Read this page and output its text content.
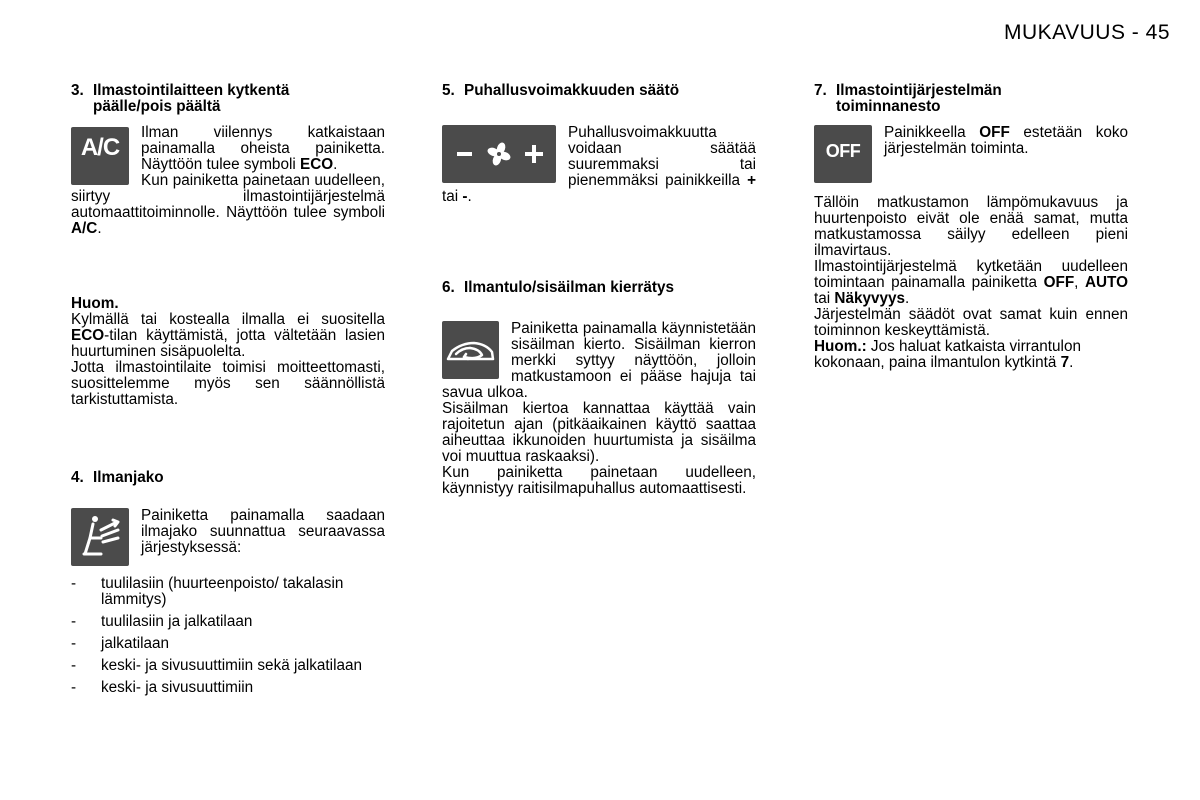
MUKAVUUS - 45
3. Ilmastointilaitteen kytkentä
päälle/pois päältä
A/C

Ilman viilennys katkaistaan painamalla oheista painiketta. Näyttöön tulee symboli ECO.

Kun painiketta painetaan uudelleen, siirtyy ilmastointijärjestelmä automaattitoiminnolle. Näyttöön tulee symboli A/C.

Huom.

Kylmällä tai kostealla ilmalla ei suositella ECO-tilan käyttämistä, jotta vältetään lasien huurtuminen sisäpuolelta.

Jotta ilmastointilaite toimisi moitteettomasti, suosittelemme myös sen säännöllistä tarkistuttamista.

4. Ilmanjako

Painiketta painamalla saadaan ilmajako suunnattua seuraavassa järjestyksessä:

- tuulilasiin (huurteenpoisto/ takalasin lämmitys)
- tuulilasiin ja jalkatilaan
- jalkatilaan
- keski- ja sivusuuttimiin sekä jalkatilaan
- keski- ja sivusuuttimiin
5. Puhallusvoimakkuuden säätö

Puhallusvoimakkuutta voidaan säätää suuremmaksi tai pienemmäksi painikkeilla + tai -.

6. Ilmantulo/sisäilman kierrätys

Painiketta painamalla käynnistetään sisäilman kierto. Sisäilman kierron merkki syttyy näyttöön, jolloin matkustamoon ei pääse hajuja tai savua ulkoa.

Sisäilman kiertoa kannattaa käyttää vain rajoitetun ajan (pitkäaikainen käyttö saattaa aiheuttaa ikkunoiden huurtumista ja sisäilma voi muuttua raskaaksi).

Kun painiketta painetaan uudelleen, käynnistyy raitisilmapuhallus automaattisesti.

7. Ilmastointijärjestelmän
toiminnanesto
OFF

Painikkeella OFF estetään koko järjestelmän toiminta.

Tällöin matkustamon lämpömukavuus ja huurtenpoisto eivät ole enää samat, mutta matkustamossa säilyy edelleen pieni ilmavirtaus.

Ilmastointijärjestelmä kytketään uudelleen toimintaan painamalla painiketta OFF, AUTO tai Näkyvyys.

Järjestelmän säädöt ovat samat kuin ennen toiminnon keskeyttämistä.

Huom.: Jos haluat katkaista virrantulon kokonaan, paina ilmantulon kytkintä 7.
